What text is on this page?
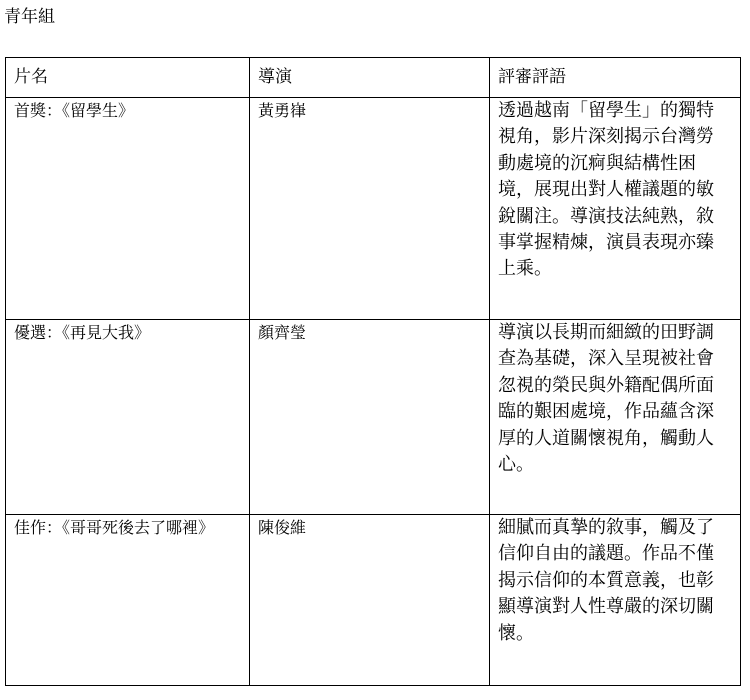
青年組
片名	導演	評審評語
首獎：《留學生》	黃勇嵂	透過越南「留學生」的獨特視角，影片深刻揭示台灣勞動處境的沉痾與結構性困境，展現出對人權議題的敏銳關注。導演技法純熟，敘事掌握精煉，演員表現亦臻上乘。

優選：《再見大我》	顏齊瑩	導演以長期而細緻的田野調查為基礎，深入呈現被社會忽視的榮民與外籍配偶所面臨的艱困處境，作品蘊含深厚的人道關懷視角，觸動人心。

佳作：《哥哥死後去了哪裡》	陳俊維	細膩而真摯的敘事，觸及了信仰自由的議題。作品不僅揭示信仰的本質意義，也彰顯導演對人性尊嚴的深切關懷。
